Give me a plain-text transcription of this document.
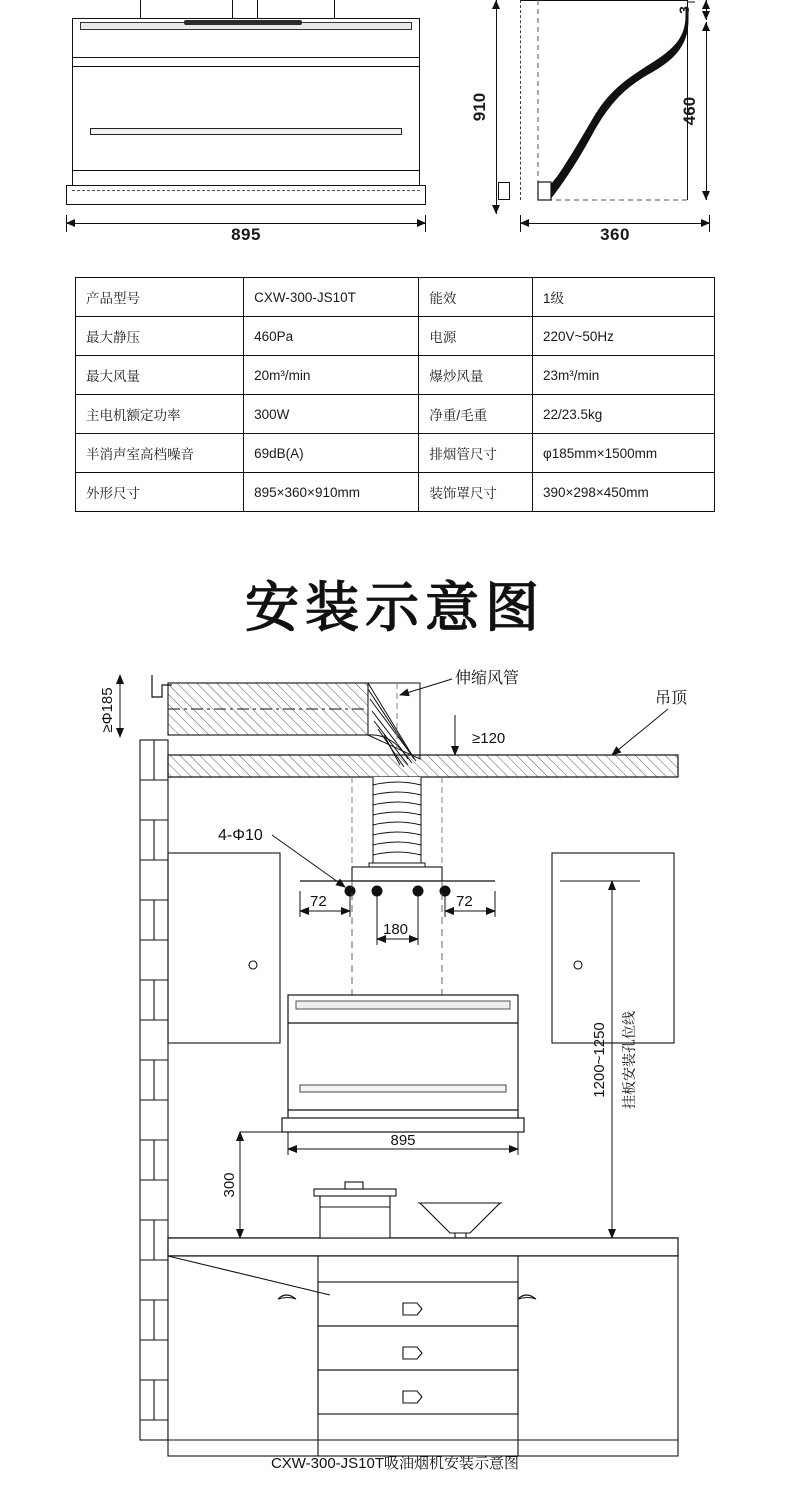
895
910	460
3
360
产品型号	CXW-300-JS10T	能效	1级
最大静压	460Pa	电源	220V~50Hz
最大风量	20m³/min	爆炒风量	23m³/min
主电机额定功率	300W	净重/毛重	22/23.5kg
半消声室高档噪音	69dB(A)	排烟管尺寸	φ185mm×1500mm
外形尺寸	895×360×910mm	装饰罩尺寸	390×298×450mm
安装示意图
≥Φ185
伸缩风管
吊顶
≥120
4-Φ10
72	72
180
895
300
1200~1250 挂板安装孔位线
CXW-300-JS10T吸油烟机安装示意图
